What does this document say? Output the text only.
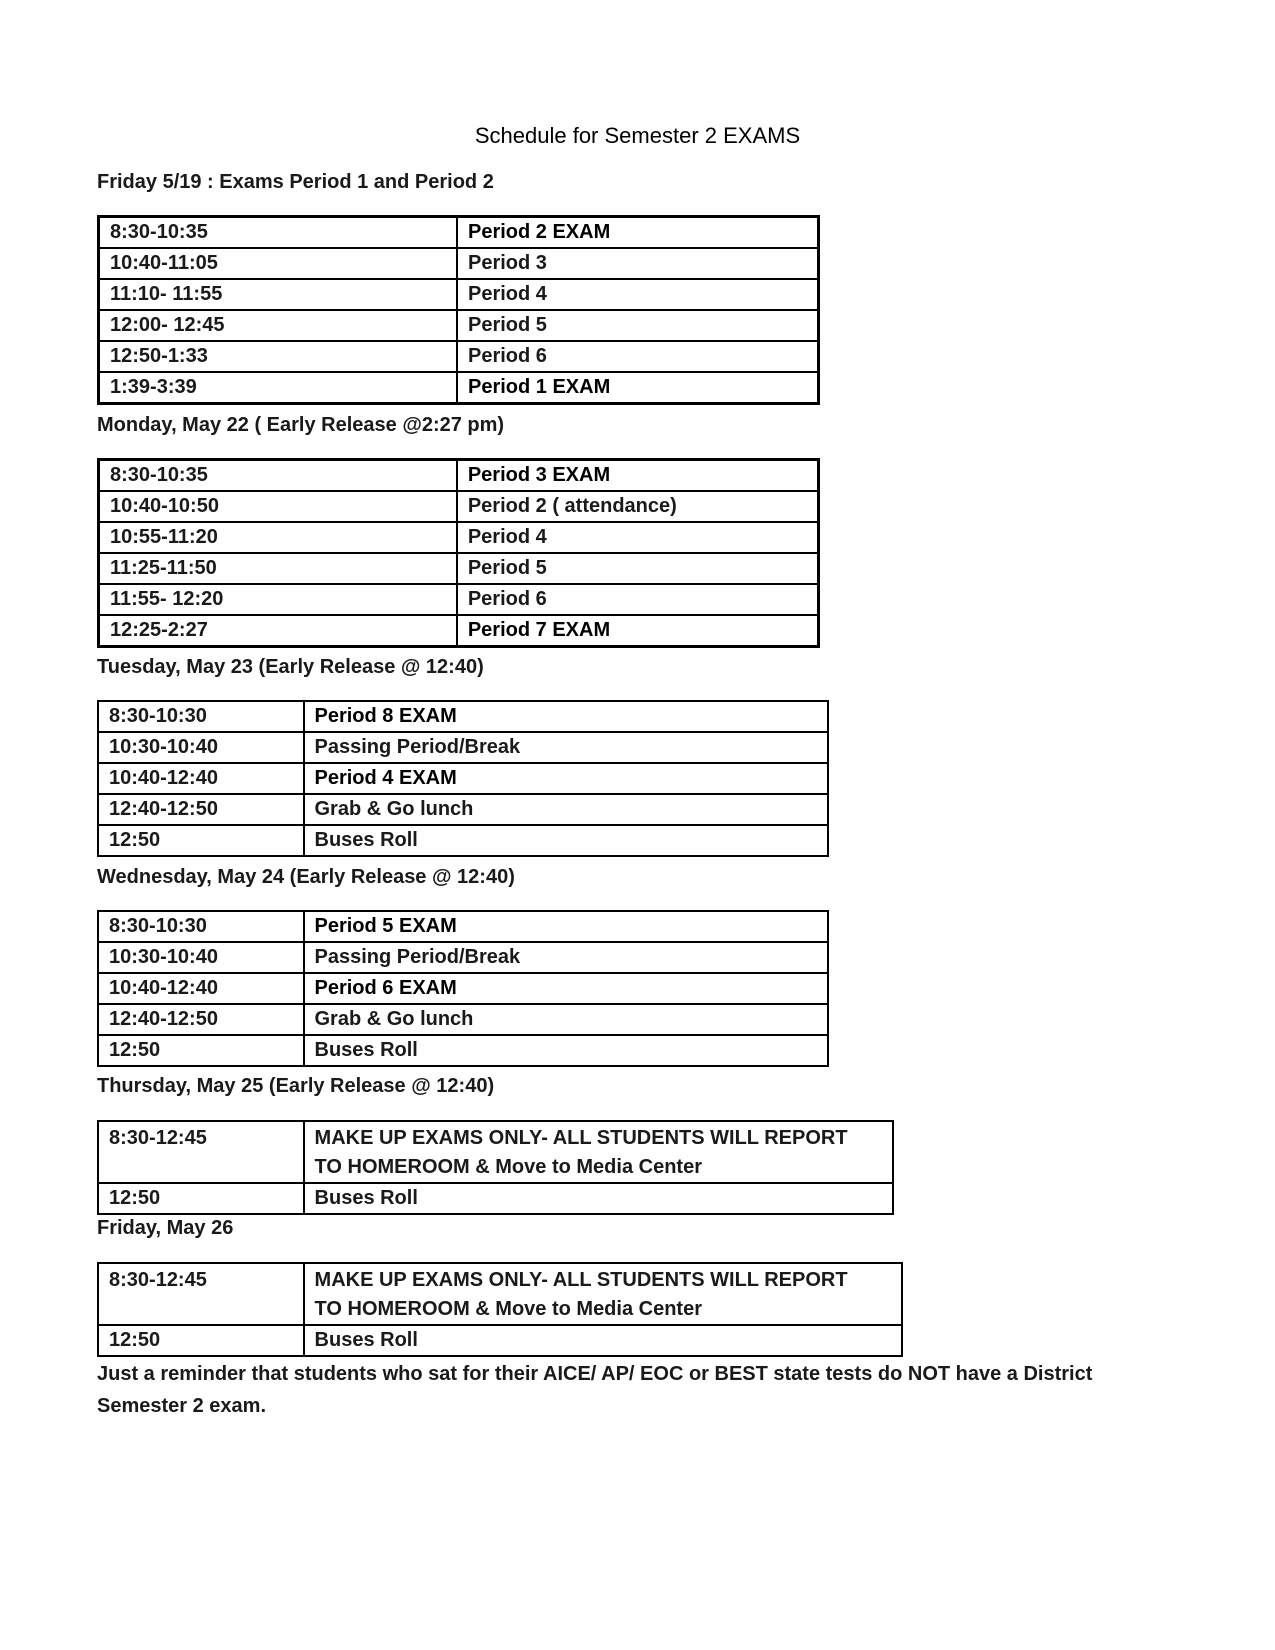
Schedule for Semester 2 EXAMS
Friday 5/19 : Exams Period 1 and Period 2
8:30-10:35	Period 2 EXAM
10:40-11:05	Period 3
11:10- 11:55	Period 4
12:00- 12:45	Period 5
12:50-1:33	Period 6
1:39-3:39	Period 1 EXAM
Monday, May 22 ( Early Release @2:27 pm)
8:30-10:35	Period 3 EXAM
10:40-10:50	Period 2 ( attendance)
10:55-11:20	Period 4
11:25-11:50	Period 5
11:55- 12:20	Period 6
12:25-2:27	Period 7 EXAM
Tuesday, May 23 (Early Release @ 12:40)
8:30-10:30	Period 8 EXAM
10:30-10:40	Passing Period/Break
10:40-12:40	Period 4 EXAM
12:40-12:50	Grab & Go lunch
12:50	Buses Roll
Wednesday, May 24 (Early Release @ 12:40)
8:30-10:30	Period 5 EXAM
10:30-10:40	Passing Period/Break
10:40-12:40	Period 6 EXAM
12:40-12:50	Grab & Go lunch
12:50	Buses Roll
Thursday, May 25 (Early Release @ 12:40)
8:30-12:45	MAKE UP EXAMS ONLY- ALL STUDENTS WILL REPORT
TO HOMEROOM & Move to Media Center

12:50	Buses Roll
Friday, May 26
8:30-12:45	MAKE UP EXAMS ONLY- ALL STUDENTS WILL REPORT
TO HOMEROOM & Move to Media Center

12:50	Buses Roll
Just a reminder that students who sat for their AICE/ AP/ EOC or BEST state tests do NOT have a District
Semester 2 exam.
